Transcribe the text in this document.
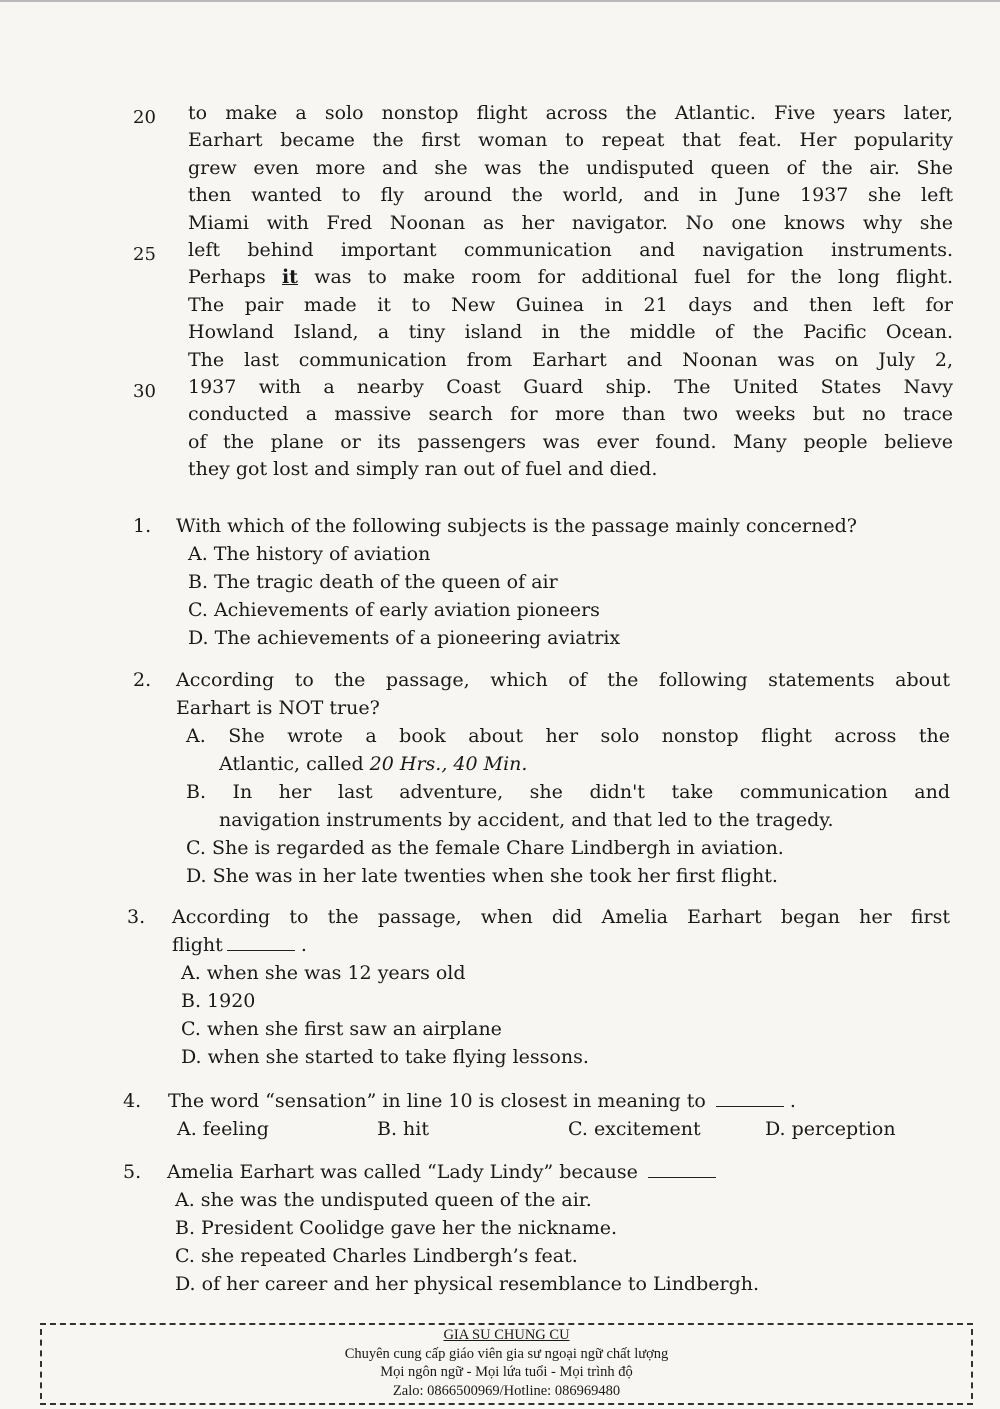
20	to make a solo nonstop flight across the Atlantic. Five years later,
Earhart became the first woman to repeat that feat. Her popularity
grew even more and she was the undisputed queen of the air. She
then wanted to fly around the world, and in June 1937 she left
Miami with Fred Noonan as her navigator. No one knows why she
25	left behind important communication and navigation instruments.
Perhaps it was to make room for additional fuel for the long flight.
The pair made it to New Guinea in 21 days and then left for
Howland Island, a tiny island in the middle of the Pacific Ocean.
The last communication from Earhart and Noonan was on July 2,
30	1937 with a nearby Coast Guard ship. The United States Navy
conducted a massive search for more than two weeks but no trace
of the plane or its passengers was ever found. Many people believe
they got lost and simply ran out of fuel and died.
1. With which of the following subjects is the passage mainly concerned?
A. The history of aviation
B. The tragic death of the queen of air
C. Achievements of early aviation pioneers
D. The achievements of a pioneering aviatrix
2. According to the passage, which of the following statements about
Earhart is NOT true?
A. She wrote a book about her solo nonstop flight across the
Atlantic, called 20 Hrs., 40 Min.
B. In her last adventure, she didn't take communication and
navigation instruments by accident, and that led to the tragedy.
C. She is regarded as the female Chare Lindbergh in aviation.
D. She was in her late twenties when she took her first flight.
3. According to the passage, when did Amelia Earhart began her first
flight	.
A. when she was 12 years old
B. 1920
C. when she first saw an airplane
D. when she started to take flying lessons.
4. The word “sensation” in line 10 is closest in meaning to	.
A. feeling	B. hit	C. excitement	D. perception
5. Amelia Earhart was called “Lady Lindy” because
A. she was the undisputed queen of the air.
B. President Coolidge gave her the nickname.
C. she repeated Charles Lindbergh’s feat.
D. of her career and her physical resemblance to Lindbergh.
GIA SU CHUNG CU
Chuyên cung cấp giáo viên gia sư ngoại ngữ chất lượng
Mọi ngôn ngữ - Mọi lứa tuổi - Mọi trình độ
Zalo: 0866500969/Hotline: 086969480
